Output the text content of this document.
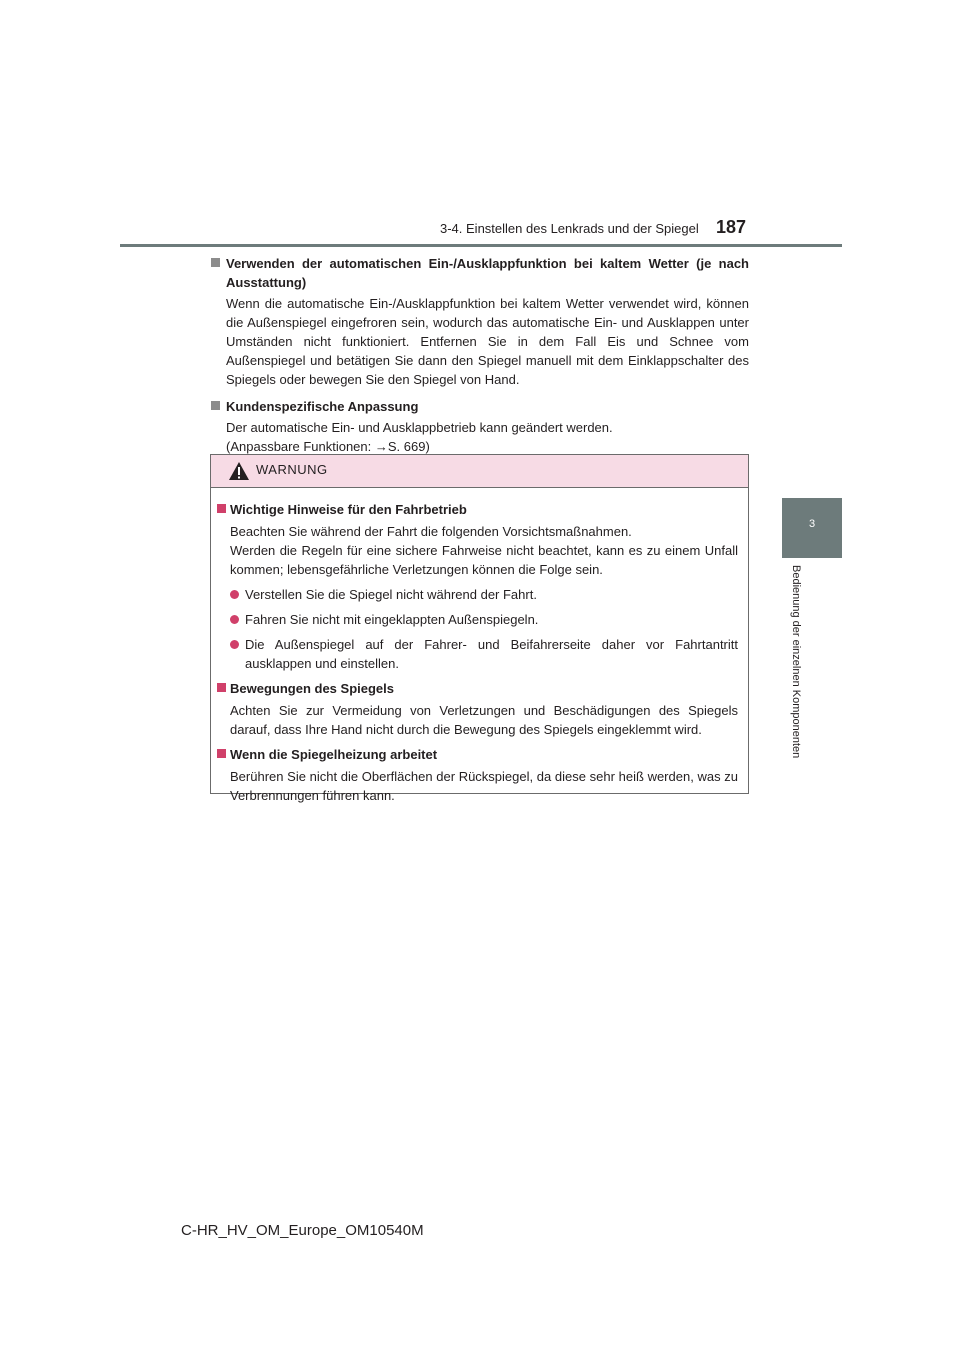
3-4. Einstellen des Lenkrads und der Spiegel 187
3
Bedienung der einzelnen Komponenten
Verwenden der automatischen Ein-/Ausklappfunktion bei kaltem Wetter (je nach Ausstattung)
Wenn die automatische Ein-/Ausklappfunktion bei kaltem Wetter verwendet wird, können die Außenspiegel eingefroren sein, wodurch das automatische Ein- und Ausklappen unter Umständen nicht funktioniert. Entfernen Sie in dem Fall Eis und Schnee vom Außenspiegel und betätigen Sie dann den Spiegel manuell mit dem Einklappschalter des Spiegels oder bewegen Sie den Spiegel von Hand.
Kundenspezifische Anpassung
Der automatische Ein- und Ausklappbetrieb kann geändert werden.
(Anpassbare Funktionen: →S. 669)
WARNUNG
Wichtige Hinweise für den Fahrbetrieb
Beachten Sie während der Fahrt die folgenden Vorsichtsmaßnahmen.
Werden die Regeln für eine sichere Fahrweise nicht beachtet, kann es zu einem Unfall kommen; lebensgefährliche Verletzungen können die Folge sein.
Verstellen Sie die Spiegel nicht während der Fahrt.
Fahren Sie nicht mit eingeklappten Außenspiegeln.
Die Außenspiegel auf der Fahrer- und Beifahrerseite daher vor Fahrtantritt ausklappen und einstellen.
Bewegungen des Spiegels
Achten Sie zur Vermeidung von Verletzungen und Beschädigungen des Spiegels darauf, dass Ihre Hand nicht durch die Bewegung des Spiegels eingeklemmt wird.
Wenn die Spiegelheizung arbeitet
Berühren Sie nicht die Oberflächen der Rückspiegel, da diese sehr heiß werden, was zu Verbrennungen führen kann.
C-HR_HV_OM_Europe_OM10540M
